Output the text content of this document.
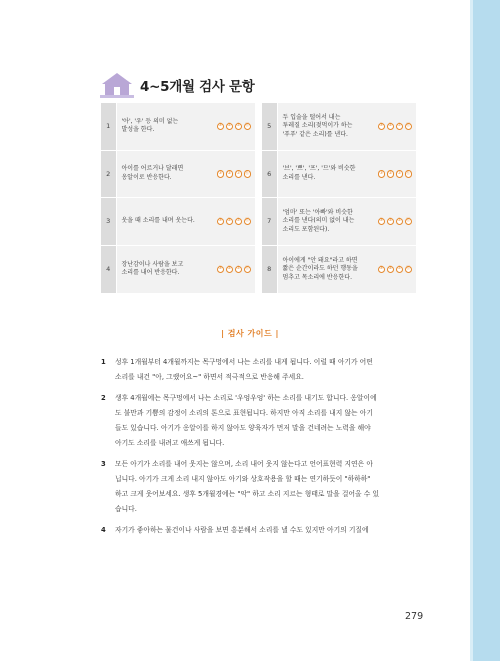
4~5개월 검사 문항
1
'아', '우' 등 의미 없는
발성을 한다.
③	②	①	⓪
2
아이를 어르거나 달래면
옹알이로 반응한다.
③	②	①	⓪
3	웃을 때 소리를 내며 웃는다.	③	②	①	⓪
4
장난감이나 사람을 보고
소리를 내어 반응한다.
③	②	①	⓪
5
두 입술을 떨어서 내는
투레질 소리(젖먹이가 하는
'푸푸' 같은 소리)를 낸다.
③	②	①	⓪
6
'브', '쁘', '프', '므'와 비슷한
소리를 낸다.
③	②	①	⓪
7
'엄마' 또는 '아빠'와 비슷한
소리를 낸다(의미 없이 내는
소리도 포함된다).
③	②	①	⓪
8
아이에게 "안 돼요"라고 하면
짧은 순간이라도 하던 행동을
멈추고 목소리에 반응한다.
③	②	①	⓪
| 검사 가이드 |
1 성후 1개월부터 4개월까지는 목구멍에서 나는 소리를 내게 됩니다. 이럴 때 아기가 어떤
소리를 내건 "아, 그랬어요~" 하면서 적극적으로 반응해 주세요.
2 생후 4개월에는 목구멍에서 나는 소리로 '우엉우엉' 하는 소리를 내기도 합니다. 옹알이에
도 불만과 기쁨의 감정이 소리의 톤으로 표현됩니다. 하지만 아직 소리를 내지 않는 아기
들도 있습니다. 아기가 옹알이를 하지 않아도 양육자가 먼저 말을 건네려는 노력을 해야
아기도 소리를 내려고 애쓰게 됩니다.
3 모든 아기가 소리를 내어 웃지는 않으며, 소리 내어 웃지 않는다고 언어표현력 지연은 아
닙니다. 아기가 크게 소리 내지 않아도 아기와 상호작용을 할 때는 연기하듯이 "하하하"
하고 크게 웃어보세요. 생후 5개월경에는 "악" 하고 소리 지르는 형태로 말을 걸어올 수 있
습니다.
4 자기가 좋아하는 물건이나 사람을 보면 흥분해서 소리를 낼 수도 있지만 아기의 기질에
279
